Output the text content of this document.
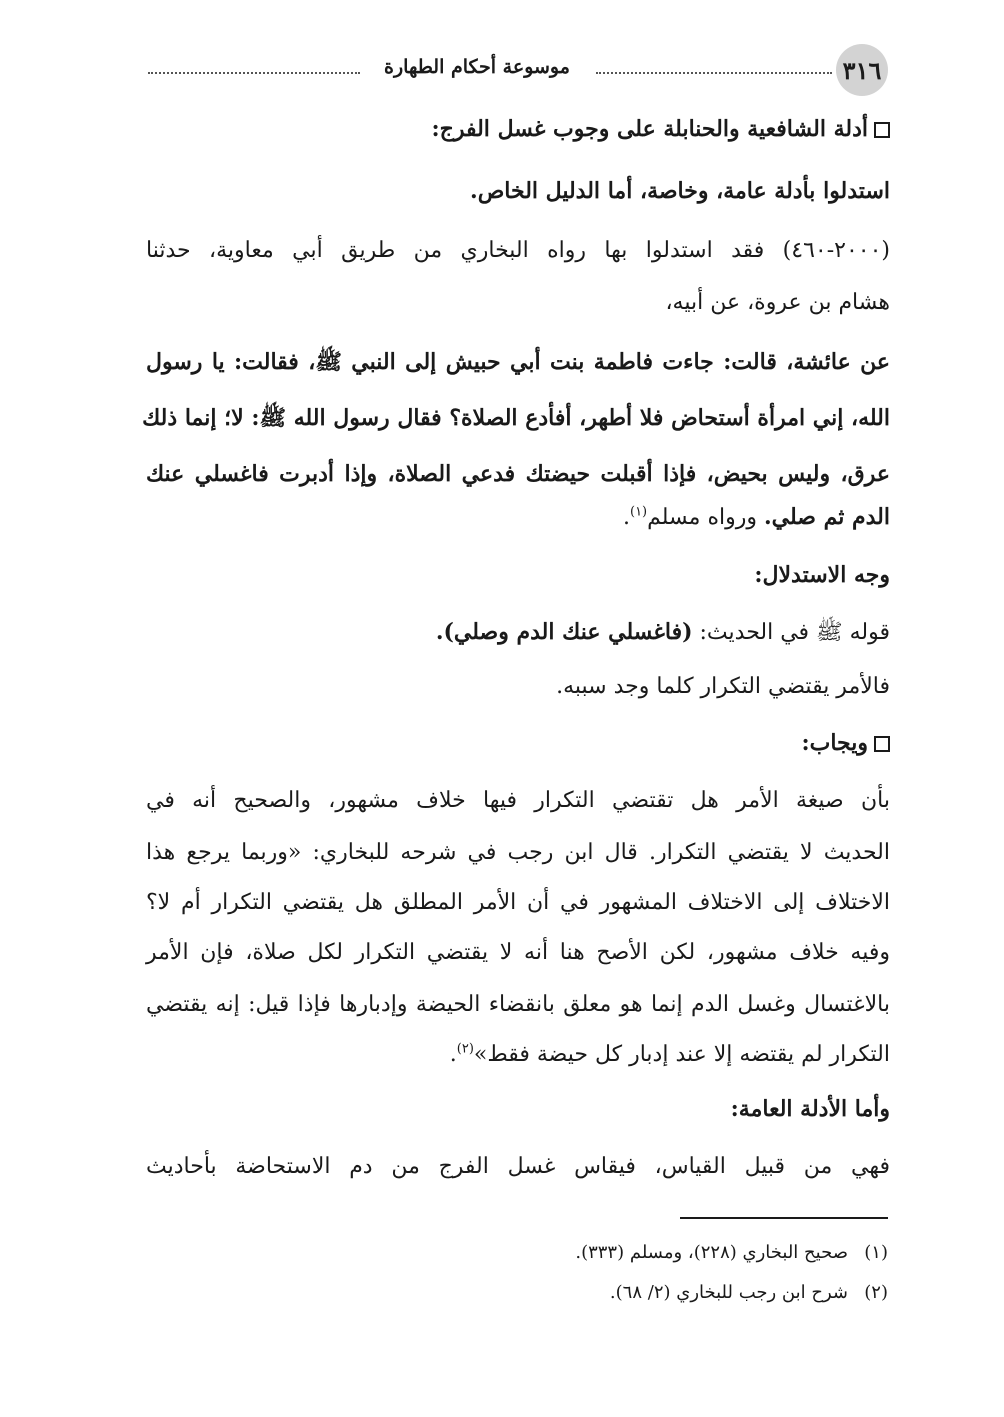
٣١٦
موسوعة أحكام الطهارة
أدلة الشافعية والحنابلة على وجوب غسل الفرج:
استدلوا بأدلة عامة، وخاصة، أما الدليل الخاص.
(٢٠٠٠-٤٦٠) فقد استدلوا بها رواه البخاري من طريق أبي معاوية، حدثنا
هشام بن عروة، عن أبيه،
عن عائشة، قالت: جاءت فاطمة بنت أبي حبيش إلى النبي ﷺ، فقالت: يا رسول
الله، إني امرأة أستحاض فلا أطهر، أفأدع الصلاة؟ فقال رسول الله ﷺ: لا؛ إنما ذلك
عرق، وليس بحيض، فإذا أقبلت حيضتك فدعي الصلاة، وإذا أدبرت فاغسلي عنك
الدم ثم صلي. ورواه مسلم$^{(١)}$.
وجه الاستدلال:
قوله ﷺ في الحديث: (فاغسلي عنك الدم وصلي).
فالأمر يقتضي التكرار كلما وجد سببه.
ويجاب:
بأن صيغة الأمر هل تقتضي التكرار فيها خلاف مشهور، والصحيح أنه في
الحديث لا يقتضي التكرار. قال ابن رجب في شرحه للبخاري: «وربما يرجع هذا
الاختلاف إلى الاختلاف المشهور في أن الأمر المطلق هل يقتضي التكرار أم لا؟
وفيه خلاف مشهور، لكن الأصح هنا أنه لا يقتضي التكرار لكل صلاة، فإن الأمر
بالاغتسال وغسل الدم إنما هو معلق بانقضاء الحيضة وإدبارها فإذا قيل: إنه يقتضي
التكرار لم يقتضه إلا عند إدبار كل حيضة فقط»$^{(٢)}$.
وأما الأدلة العامة:
فهي من قبيل القياس، فيقاس غسل الفرج من دم الاستحاضة بأحاديث
(١)صحيح البخاري (٢٢٨)، ومسلم (٣٣٣).
(٢)شرح ابن رجب للبخاري (٢/ ٦٨).
